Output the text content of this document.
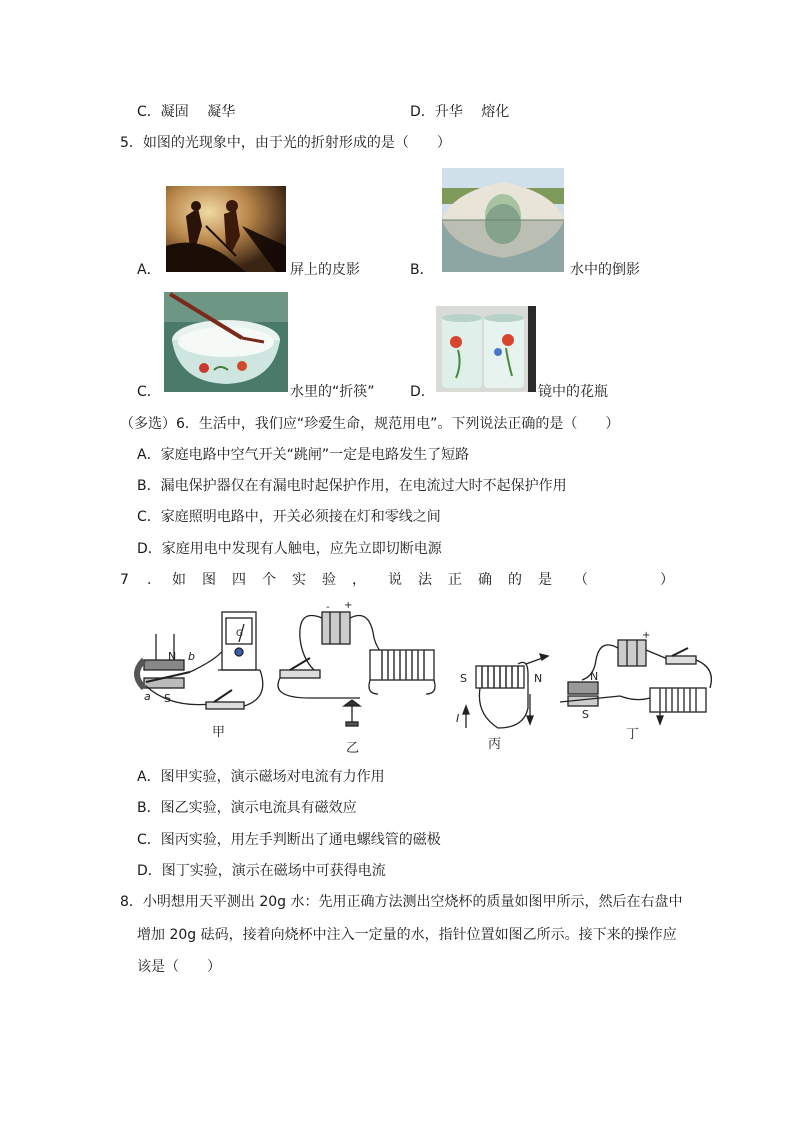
C．凝固　 凝华	D．升华　 熔化
5．如图的光现象中，由于光的折射形成的是（　　）
A．	屏上的皮影	B．	水中的倒影
C．	水里的“折筷”	D．	镜中的花瓶
（多选）6．生活中，我们应“珍爱生命，规范用电”。下列说法正确的是（　　）
A．家庭电路中空气开关“跳闸”一定是电路发生了短路
B．漏电保护器仅在有漏电时起保护作用，在电流过大时不起保护作用
C．家庭照明电路中，开关必须接在灯和零线之间
D．家庭用电中发现有人触电，应先立即切断电源
7 . 如 图 四 个 实 验 ， 说 法 正 确 的 是 （	）
N b
S
a
G
- +
S	N
I
+
N
S
甲
乙	丙
丁
A．图甲实验，演示磁场对电流有力作用
B．图乙实验，演示电流具有磁效应
C．图丙实验，用左手判断出了通电螺线管的磁极
D．图丁实验，演示在磁场中可获得电流
8．小明想用天平测出 20g 水：先用正确方法测出空烧杯的质量如图甲所示，然后在右盘中
增加 20g 砝码，接着向烧杯中注入一定量的水，指针位置如图乙所示。接下来的操作应
该是（　　）
